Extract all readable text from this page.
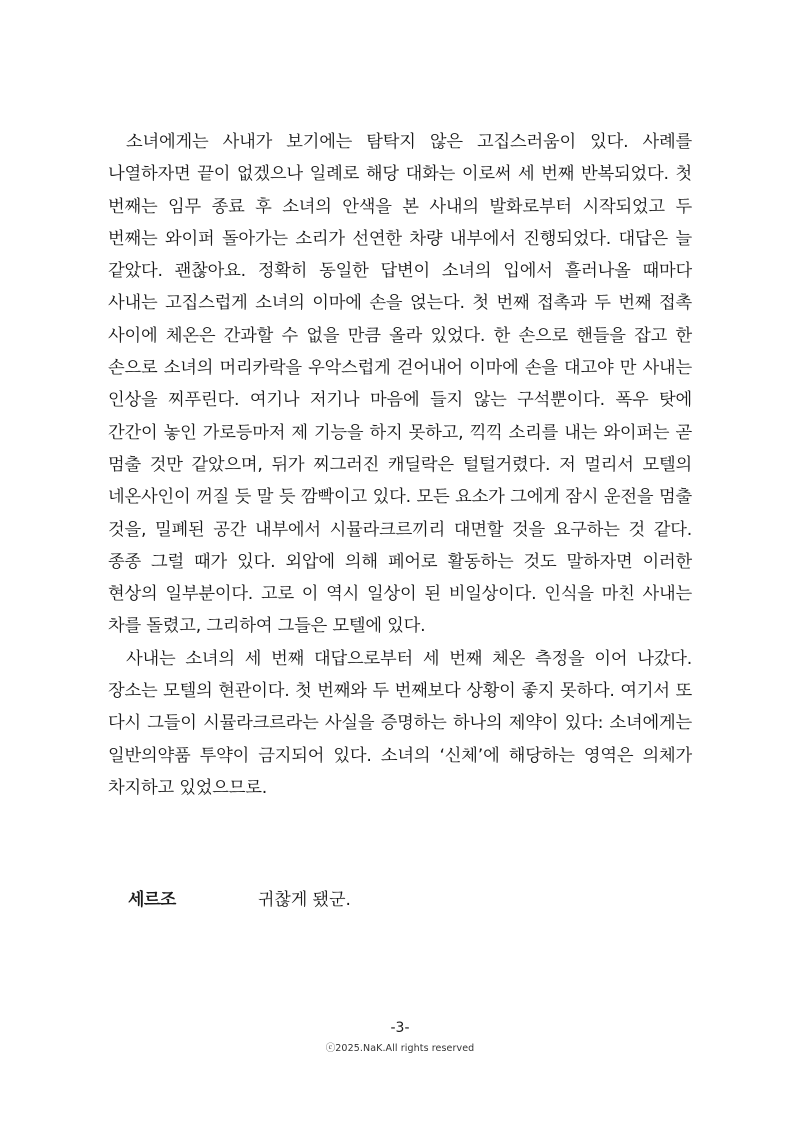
소녀에게는 사내가 보기에는 탐탁지 않은 고집스러움이 있다. 사례를 나열하자면 끝이 없겠으나 일례로 해당 대화는 이로써 세 번째 반복되었다. 첫 번째는 임무 종료 후 소녀의 안색을 본 사내의 발화로부터 시작되었고 두 번째는 와이퍼 돌아가는 소리가 선연한 차량 내부에서 진행되었다. 대답은 늘 같았다. 괜찮아요. 정확히 동일한 답변이 소녀의 입에서 흘러나올 때마다 사내는 고집스럽게 소녀의 이마에 손을 얹는다. 첫 번째 접촉과 두 번째 접촉 사이에 체온은 간과할 수 없을 만큼 올라 있었다. 한 손으로 핸들을 잡고 한 손으로 소녀의 머리카락을 우악스럽게 걷어내어 이마에 손을 대고야 만 사내는 인상을 찌푸린다. 여기나 저기나 마음에 들지 않는 구석뿐이다. 폭우 탓에 간간이 놓인 가로등마저 제 기능을 하지 못하고, 끽끽 소리를 내는 와이퍼는 곧 멈출 것만 같았으며, 뒤가 찌그러진 캐딜락은 털털거렸다. 저 멀리서 모텔의 네온사인이 꺼질 듯 말 듯 깜빡이고 있다. 모든 요소가 그에게 잠시 운전을 멈출 것을, 밀폐된 공간 내부에서 시뮬라크르끼리 대면할 것을 요구하는 것 같다. 종종 그럴 때가 있다. 외압에 의해 페어로 활동하는 것도 말하자면 이러한 현상의 일부분이다. 고로 이 역시 일상이 된 비일상이다. 인식을 마친 사내는 차를 돌렸고, 그리하여 그들은 모텔에 있다.

사내는 소녀의 세 번째 대답으로부터 세 번째 체온 측정을 이어 나갔다. 장소는 모텔의 현관이다. 첫 번째와 두 번째보다 상황이 좋지 못하다. 여기서 또 다시 그들이 시뮬라크르라는 사실을 증명하는 하나의 제약이 있다: 소녀에게는 일반의약품 투약이 금지되어 있다. 소녀의 ‘신체’에 해당하는 영역은 의체가 차지하고 있었으므로.

세르조	귀찮게 됐군.
-3-
ⓒ2025.NaK.All rights reserved
